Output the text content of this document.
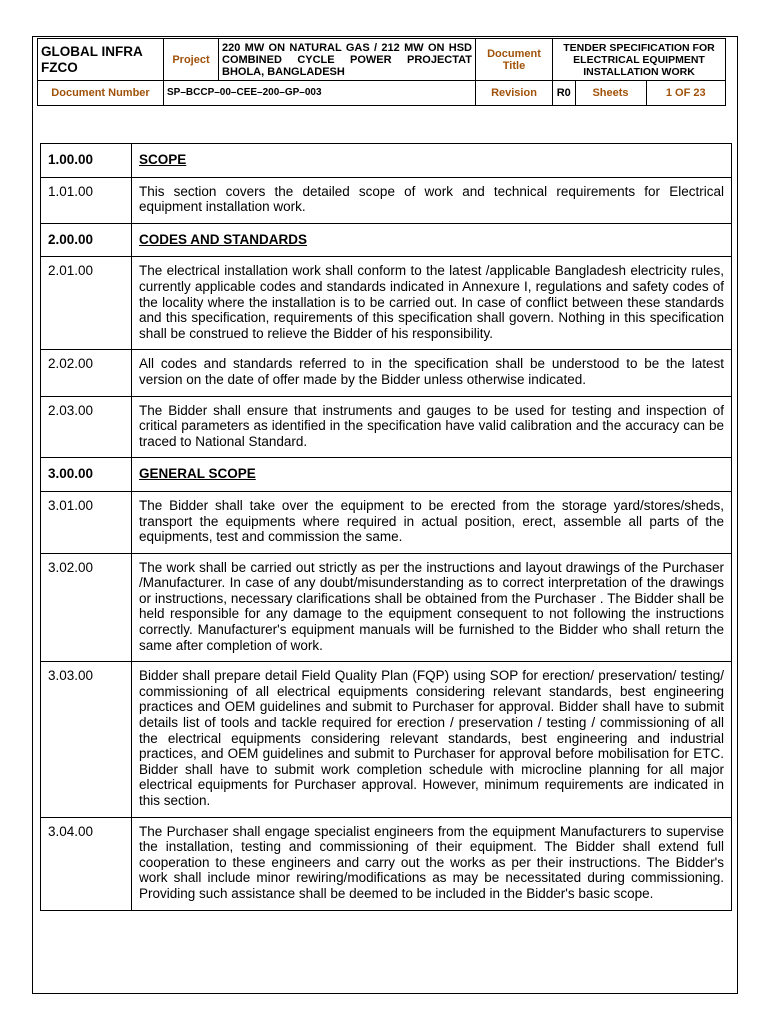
GLOBAL INFRA FZCO	Project	220 MW ON NATURAL GAS / 212 MW ON HSD COMBINED CYCLE POWER PROJECTAT BHOLA, BANGLADESH	Document Title	TENDER SPECIFICATION FOR ELECTRICAL EQUIPMENT INSTALLATION WORK
Document Number	SP–BCCP–00–CEE–200–GP–003	Revision	R0	Sheets	1 OF 23
1.00.00	SCOPE
1.01.00	This section covers the detailed scope of work and technical requirements for Electrical equipment installation work.
2.00.00	CODES AND STANDARDS
2.01.00	The electrical installation work shall conform to the latest /applicable Bangladesh electricity rules, currently applicable codes and standards indicated in Annexure I, regulations and safety codes of the locality where the installation is to be carried out. In case of conflict between these standards and this specification, requirements of this specification shall govern. Nothing in this specification shall be construed to relieve the Bidder of his responsibility.
2.02.00	All codes and standards referred to in the specification shall be understood to be the latest version on the date of offer made by the Bidder unless otherwise indicated.
2.03.00	The Bidder shall ensure that instruments and gauges to be used for testing and inspection of critical parameters as identified in the specification have valid calibration and the accuracy can be traced to National Standard.
3.00.00	GENERAL SCOPE
3.01.00	The Bidder shall take over the equipment to be erected from the storage yard/stores/sheds, transport the equipments where required in actual position, erect, assemble all parts of the equipments, test and commission the same.
3.02.00	The work shall be carried out strictly as per the instructions and layout drawings of the Purchaser /Manufacturer. In case of any doubt/misunderstanding as to correct interpretation of the drawings or instructions, necessary clarifications shall be obtained from the Purchaser . The Bidder shall be held responsible for any damage to the equipment consequent to not following the instructions correctly. Manufacturer's equipment manuals will be furnished to the Bidder who shall return the same after completion of work.
3.03.00	Bidder shall prepare detail Field Quality Plan (FQP) using SOP for erection/ preservation/ testing/ commissioning of all electrical equipments considering relevant standards, best engineering practices and OEM guidelines and submit to Purchaser for approval. Bidder shall have to submit details list of tools and tackle required for erection / preservation / testing / commissioning of all the electrical equipments considering relevant standards, best engineering and industrial practices, and OEM guidelines and submit to Purchaser for approval before mobilisation for ETC. Bidder shall have to submit work completion schedule with microcline planning for all major electrical equipments for Purchaser approval. However, minimum requirements are indicated in this section.
3.04.00	The Purchaser shall engage specialist engineers from the equipment Manufacturers to supervise the installation, testing and commissioning of their equipment. The Bidder shall extend full cooperation to these engineers and carry out the works as per their instructions. The Bidder's work shall include minor rewiring/modifications as may be necessitated during commissioning. Providing such assistance shall be deemed to be included in the Bidder's basic scope.
